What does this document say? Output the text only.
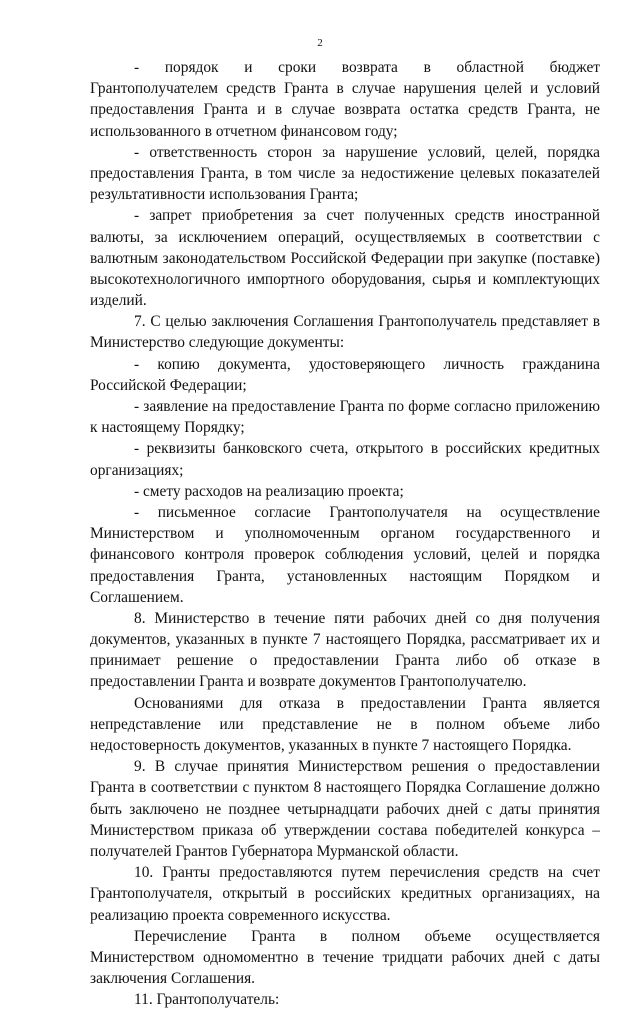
2
- порядок и сроки возврата в областной бюджет
Грантополучателем средств Гранта в случае нарушения целей и условий
предоставления Гранта и в случае возврата остатка средств Гранта, не
использованного в отчетном финансовом году;
- ответственность сторон за нарушение условий, целей, порядка
предоставления Гранта, в том числе за недостижение целевых показателей
результативности использования Гранта;
- запрет приобретения за счет полученных средств иностранной
валюты, за исключением операций, осуществляемых в соответствии с
валютным законодательством Российской Федерации при закупке (поставке)
высокотехнологичного импортного оборудования, сырья и комплектующих
изделий.
7. С целью заключения Соглашения Грантополучатель представляет в
Министерство следующие документы:
- копию документа, удостоверяющего личность гражданина
Российской Федерации;
- заявление на предоставление Гранта по форме согласно приложению
к настоящему Порядку;
- реквизиты банковского счета, открытого в российских кредитных
организациях;
- смету расходов на реализацию проекта;
- письменное согласие Грантополучателя на осуществление
Министерством и уполномоченным органом государственного и
финансового контроля проверок соблюдения условий, целей и порядка
предоставления Гранта, установленных настоящим Порядком и
Соглашением.
8. Министерство в течение пяти рабочих дней со дня получения
документов, указанных в пункте 7 настоящего Порядка, рассматривает их и
принимает решение о предоставлении Гранта либо об отказе в
предоставлении Гранта и возврате документов Грантополучателю.
Основаниями для отказа в предоставлении Гранта является
непредставление или представление не в полном объеме либо
недостоверность документов, указанных в пункте 7 настоящего Порядка.
9. В случае принятия Министерством решения о предоставлении
Гранта в соответствии с пунктом 8 настоящего Порядка Соглашение должно
быть заключено не позднее четырнадцати рабочих дней с даты принятия
Министерством приказа об утверждении состава победителей конкурса –
получателей Грантов Губернатора Мурманской области.
10. Гранты предоставляются путем перечисления средств на счет
Грантополучателя, открытый в российских кредитных организациях, на
реализацию проекта современного искусства.
Перечисление Гранта в полном объеме осуществляется
Министерством одномоментно в течение тридцати рабочих дней с даты
заключения Соглашения.
11. Грантополучатель:
